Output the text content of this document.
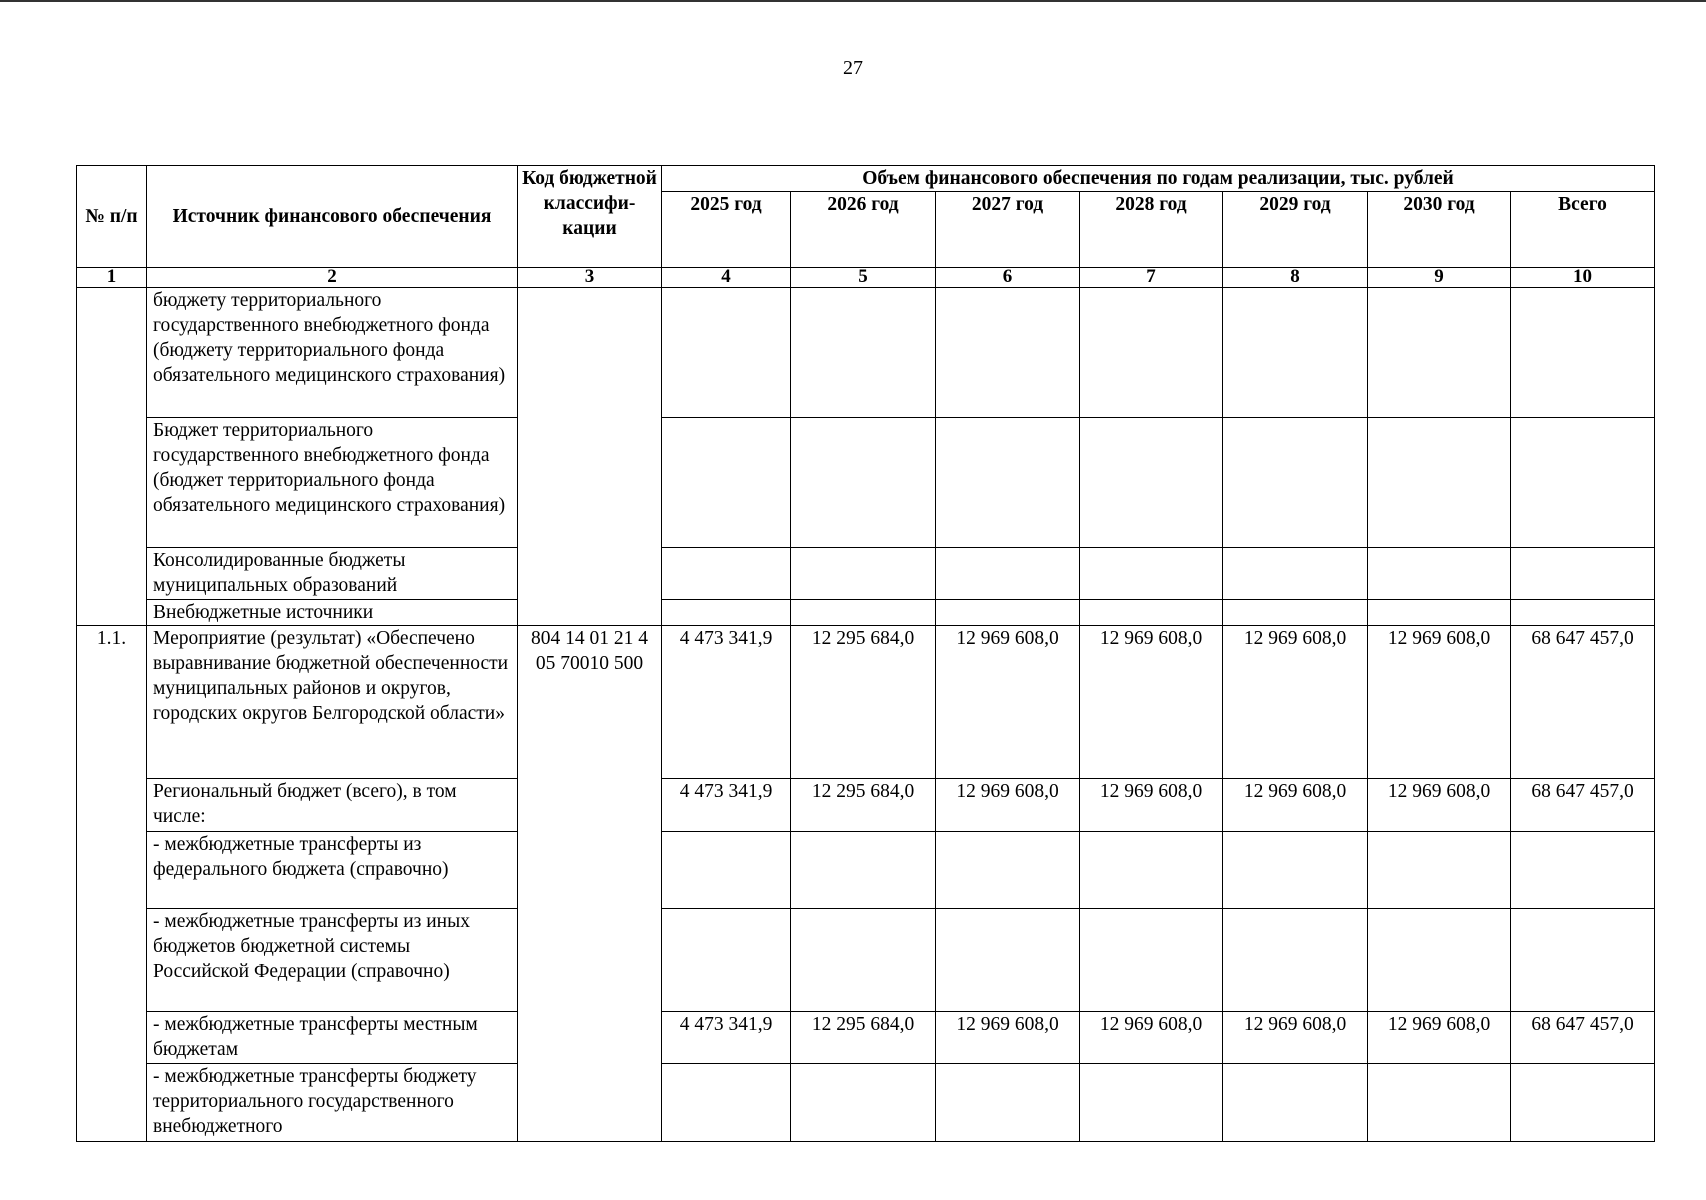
27
№ п/п	Источник финансового обеспечения	Код бюджетной классифи-кации	Объем финансового обеспечения по годам реализации, тыс. рублей						
			2025 год	2026 год	2027 год	2028 год	2029 год	2030 год	Всего
1	2	3	4	5	6	7	8	9	10
	бюджету территориального государственного внебюджетного фонда (бюджету территориального фонда обязательного медицинского страхования)								
	Бюджет территориального государственного внебюджетного фонда (бюджет территориального фонда обязательного медицинского страхования)								
	Консолидированные бюджеты муниципальных образований								
	Внебюджетные источники								
1.1.	Мероприятие (результат) «Обеспечено выравнивание бюджетной обеспеченности муниципальных районов и округов, городских округов Белгородской области»	804 14 01 21 4 05 70010 500	4 473 341,9	12 295 684,0	12 969 608,0	12 969 608,0	12 969 608,0	12 969 608,0	68 647 457,0
	Региональный бюджет (всего), в том числе:		4 473 341,9	12 295 684,0	12 969 608,0	12 969 608,0	12 969 608,0	12 969 608,0	68 647 457,0
	- межбюджетные трансферты из федерального бюджета (справочно)								
	- межбюджетные трансферты из иных бюджетов бюджетной системы Российской Федерации (справочно)								
	- межбюджетные трансферты местным бюджетам		4 473 341,9	12 295 684,0	12 969 608,0	12 969 608,0	12 969 608,0	12 969 608,0	68 647 457,0
	- межбюджетные трансферты бюджету территориального государственного внебюджетного								
